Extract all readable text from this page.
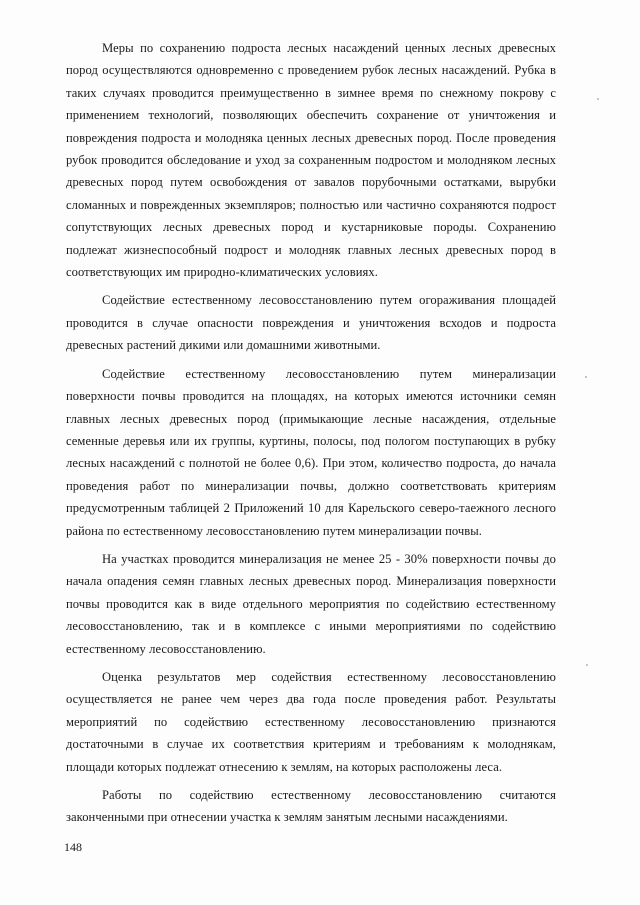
Меры по сохранению подроста лесных насаждений ценных лесных древесных пород осуществляются одновременно с проведением рубок лесных насаждений. Рубка в таких случаях проводится преимущественно в зимнее время по снежному покрову с применением технологий, позволяющих обеспечить сохранение от уничтожения и повреждения подроста и молодняка ценных лесных древесных пород. После проведения рубок проводится обследование и уход за сохраненным подростом и молодняком лесных древесных пород путем освобождения от завалов порубочными остатками, вырубки сломанных и поврежденных экземпляров; полностью или частично сохраняются подрост сопутствующих лесных древесных пород и кустарниковые породы. Сохранению подлежат жизнеспособный подрост и молодняк главных лесных древесных пород в соответствующих им природно-климатических условиях.

Содействие естественному лесовосстановлению путем огораживания площадей проводится в случае опасности повреждения и уничтожения всходов и подроста древесных растений дикими или домашними животными.

Содействие естественному лесовосстановлению путем минерализации поверхности почвы проводится на площадях, на которых имеются источники семян главных лесных древесных пород (примыкающие лесные насаждения, отдельные семенные деревья или их группы, куртины, полосы, под пологом поступающих в рубку лесных насаждений с полнотой не более 0,6). При этом, количество подроста, до начала проведения работ по минерализации почвы, должно соответствовать критериям предусмотренным таблицей 2 Приложений 10 для Карельского северо-таежного лесного района по естественному лесовосстановлению путем минерализации почвы.

На участках проводится минерализация не менее 25 - 30% поверхности почвы до начала опадения семян главных лесных древесных пород. Минерализация поверхности почвы проводится как в виде отдельного мероприятия по содействию естественному лесовосстановлению, так и в комплексе с иными мероприятиями по содействию естественному лесовосстановлению.

Оценка результатов мер содействия естественному лесовосстановлению осуществляется не ранее чем через два года после проведения работ. Результаты мероприятий по содействию естественному лесовосстановлению признаются достаточными в случае их соответствия критериям и требованиям к молоднякам, площади которых подлежат отнесению к землям, на которых расположены леса.

Работы по содействию естественному лесовосстановлению считаются законченными при отнесении участка к землям занятым лесными насаждениями.

148
